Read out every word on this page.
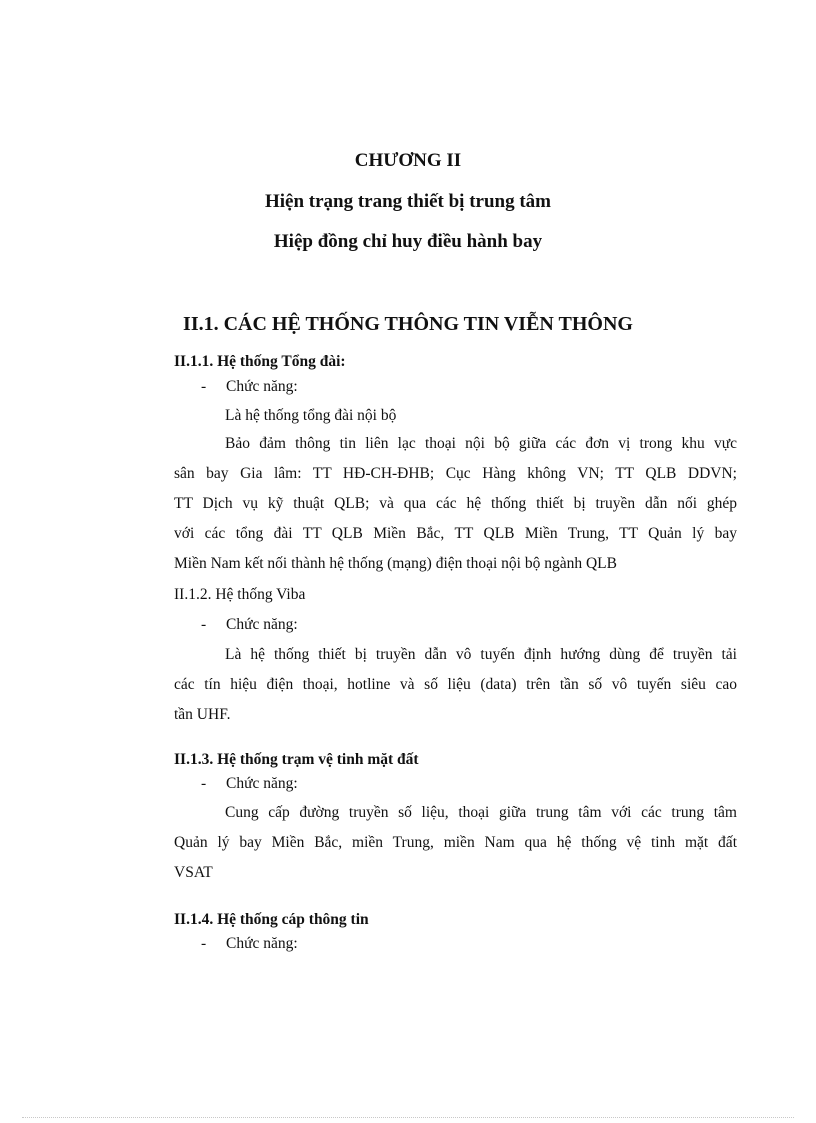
CHƯƠNG II
Hiện trạng trang thiết bị trung tâm
Hiệp đồng chỉ huy điều hành bay
II.1. CÁC HỆ THỐNG THÔNG TIN VIỄN THÔNG
II.1.1. Hệ thống Tổng đài:
- Chức năng:
Là hệ thống tổng đài nội bộ
Bảo đảm thông tin liên lạc thoại nội bộ giữa các đơn vị trong khu vực
sân bay Gia lâm: TT HĐ-CH-ĐHB; Cục Hàng không VN; TT QLB DDVN;
TT Dịch vụ kỹ thuật QLB; và qua các hệ thống thiết bị truyền dẫn nối ghép
với các tổng đài TT QLB Miền Bắc, TT QLB Miền Trung, TT Quản lý bay
Miền Nam kết nối thành hệ thống (mạng) điện thoại nội bộ ngành QLB
II.1.2. Hệ thống Viba
- Chức năng:
Là hệ thống thiết bị truyền dẫn vô tuyến định hướng dùng để truyền tải
các tín hiệu điện thoại, hotline và số liệu (data) trên tần số vô tuyến siêu cao
tần UHF.
II.1.3. Hệ thống trạm vệ tinh mặt đất
- Chức năng:
Cung cấp đường truyền số liệu, thoại giữa trung tâm với các trung tâm
Quản lý bay Miền Bắc, miền Trung, miền Nam qua hệ thống vệ tinh mặt đất
VSAT
II.1.4. Hệ thống cáp thông tin
- Chức năng:
